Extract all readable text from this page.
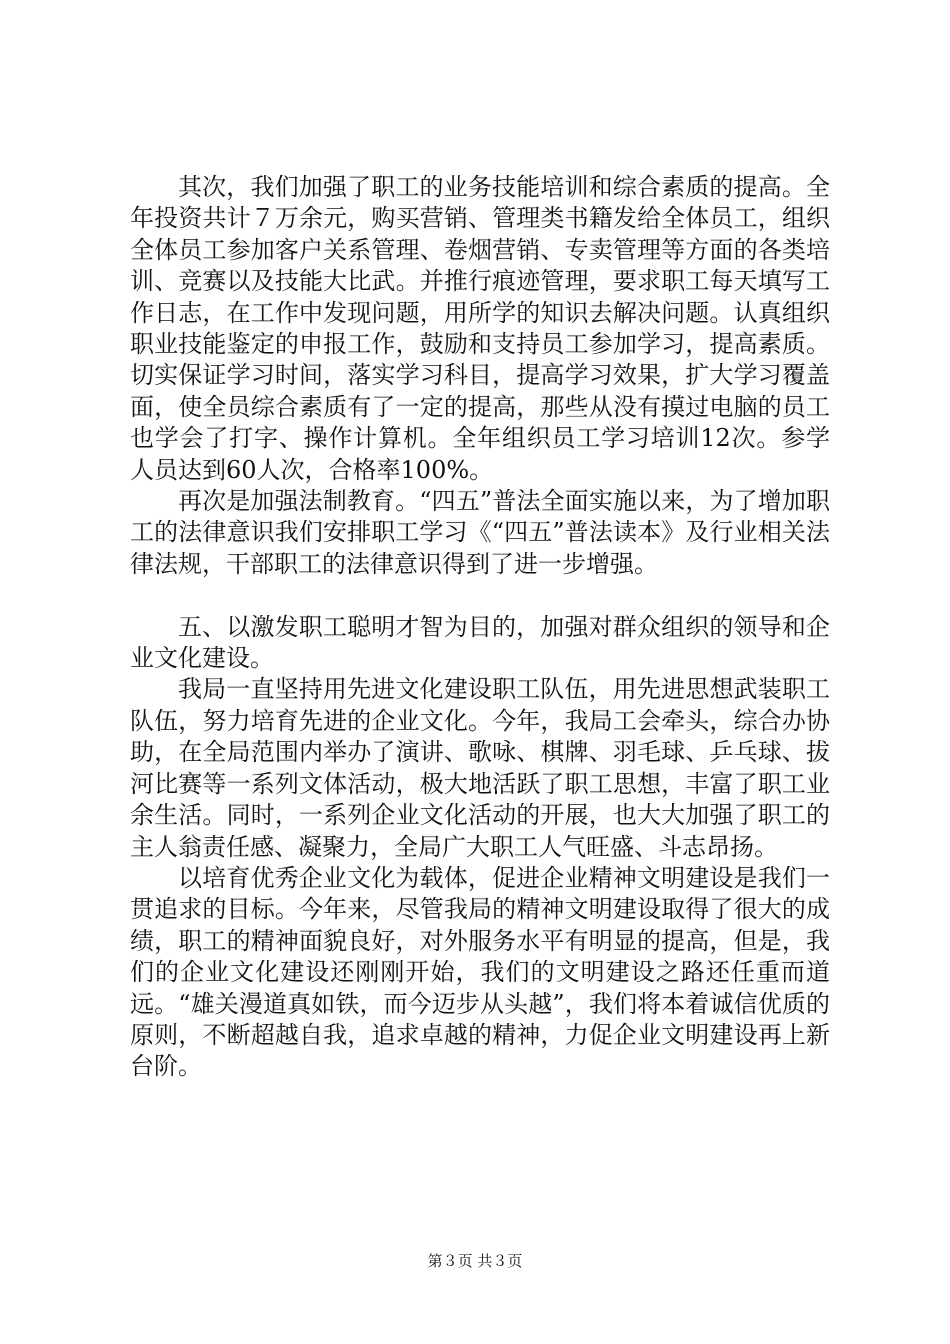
其次，我们加强了职工的业务技能培训和综合素质的提高。全年投资共计７万余元，购买营销、管理类书籍发给全体员工，组织全体员工参加客户关系管理、卷烟营销、专卖管理等方面的各类培训、竞赛以及技能大比武。并推行痕迹管理，要求职工每天填写工作日志，在工作中发现问题，用所学的知识去解决问题。认真组织职业技能鉴定的申报工作，鼓励和支持员工参加学习，提高素质。切实保证学习时间，落实学习科目，提高学习效果，扩大学习覆盖面，使全员综合素质有了一定的提高，那些从没有摸过电脑的员工也学会了打字、操作计算机。全年组织员工学习培训12次。参学人员达到60人次，合格率100%。

再次是加强法制教育。“四五”普法全面实施以来，为了增加职工的法律意识我们安排职工学习《“四五”普法读本》及行业相关法律法规，干部职工的法律意识得到了进一步增强。

五、以激发职工聪明才智为目的，加强对群众组织的领导和企业文化建设。

我局一直坚持用先进文化建设职工队伍，用先进思想武装职工队伍，努力培育先进的企业文化。今年，我局工会牵头，综合办协助，在全局范围内举办了演讲、歌咏、棋牌、羽毛球、乒乓球、拔河比赛等一系列文体活动，极大地活跃了职工思想，丰富了职工业余生活。同时，一系列企业文化活动的开展，也大大加强了职工的主人翁责任感、凝聚力，全局广大职工人气旺盛、斗志昂扬。

以培育优秀企业文化为载体，促进企业精神文明建设是我们一贯追求的目标。今年来，尽管我局的精神文明建设取得了很大的成绩，职工的精神面貌良好，对外服务水平有明显的提高，但是，我们的企业文化建设还刚刚开始，我们的文明建设之路还任重而道远。“雄关漫道真如铁，而今迈步从头越”，我们将本着诚信优质的原则，不断超越自我，追求卓越的精神，力促企业文明建设再上新台阶。

第３页 共３页
